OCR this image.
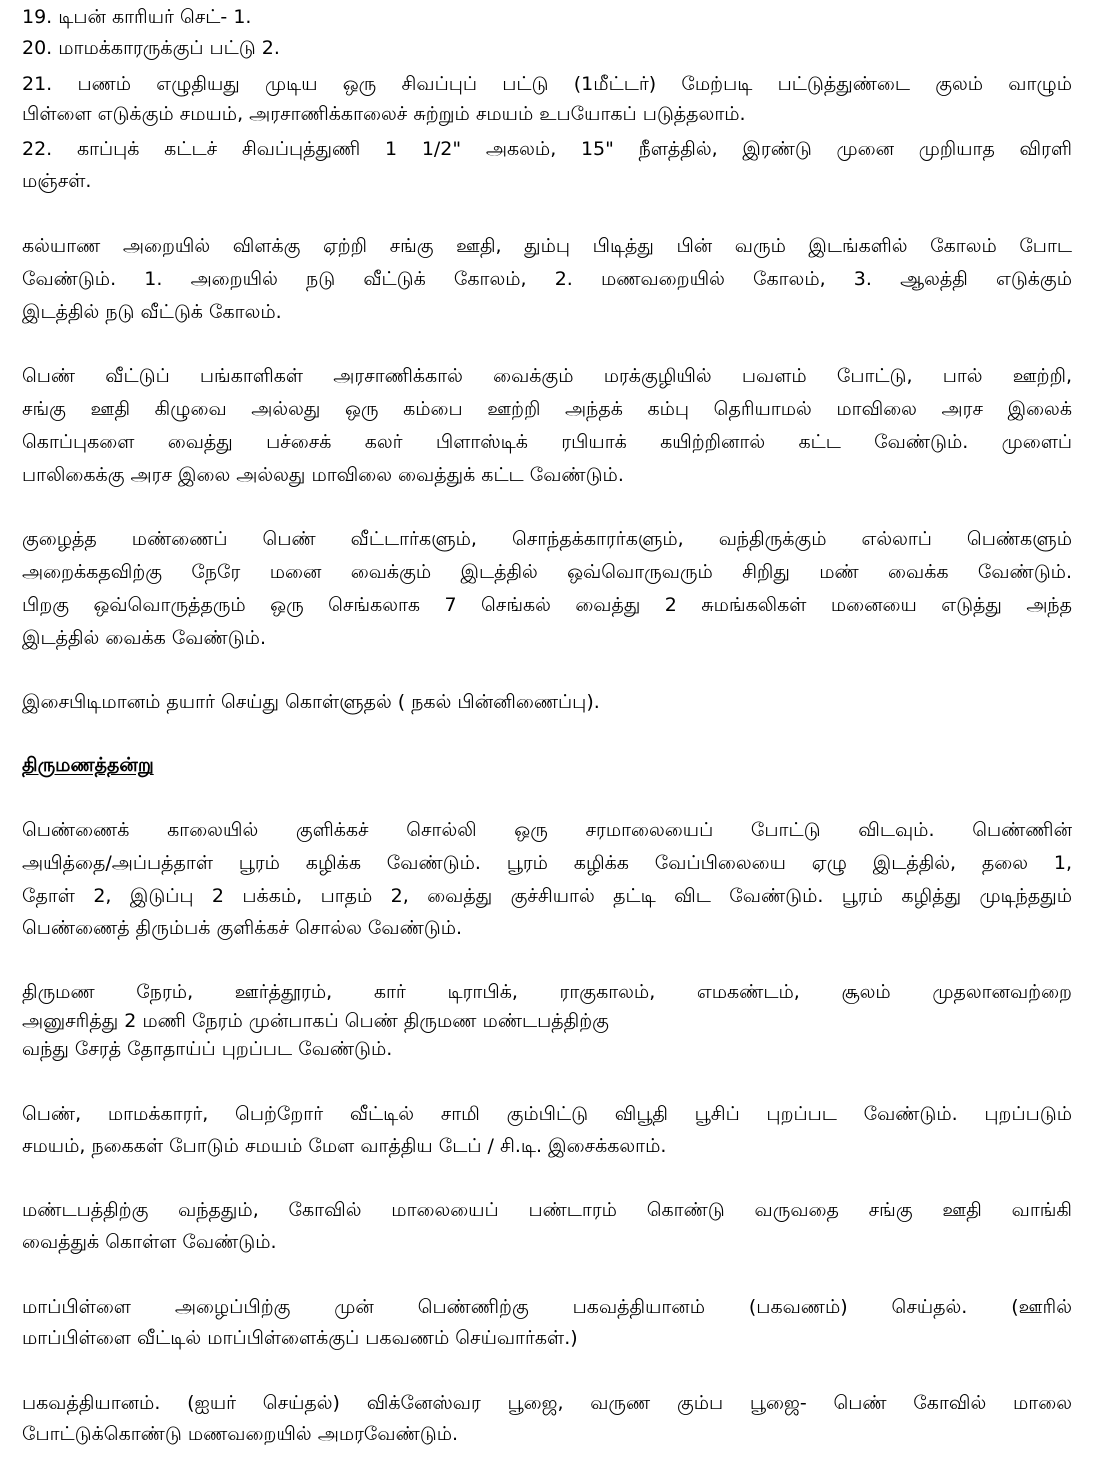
19. டிபன் காரியர் செட்- 1.
20. மாமக்காரருக்குப் பட்டு 2.
21. பணம் எழுதியது முடிய ஒரு சிவப்புப் பட்டு (1மீட்டர்) மேற்படி பட்டுத்துண்டை குலம் வாழும்
பிள்ளை எடுக்கும் சமயம், அரசாணிக்காலைச் சுற்றும் சமயம் உபயோகப் படுத்தலாம்.
22. காப்புக் கட்டச் சிவப்புத்துணி 1 1/2" அகலம், 15" நீளத்தில், இரண்டு முனை முறியாத விரளி
மஞ்சள்.
கல்யாண அறையில் விளக்கு ஏற்றி சங்கு ஊதி, தும்பு பிடித்து பின் வரும் இடங்களில் கோலம் போட
வேண்டும். 1. அறையில் நடு வீட்டுக் கோலம், 2. மணவறையில் கோலம், 3. ஆலத்தி எடுக்கும்
இடத்தில் நடு வீட்டுக் கோலம்.
பெண் வீட்டுப் பங்காளிகள் அரசாணிக்கால் வைக்கும் மரக்குழியில் பவளம் போட்டு, பால் ஊற்றி,
சங்கு ஊதி கிழுவை அல்லது ஒரு கம்பை ஊற்றி அந்தக் கம்பு தெரியாமல் மாவிலை அரச இலைக்
கொப்புகளை வைத்து பச்சைக் கலர் பிளாஸ்டிக் ரபியாக் கயிற்றினால் கட்ட வேண்டும். முளைப்
பாலிகைக்கு அரச இலை அல்லது மாவிலை வைத்துக் கட்ட வேண்டும்.
குழைத்த மண்ணைப் பெண் வீட்டார்களும், சொந்தக்காரர்களும், வந்திருக்கும் எல்லாப் பெண்களும்
அறைக்கதவிற்கு நேரே மனை வைக்கும் இடத்தில் ஒவ்வொருவரும் சிறிது மண் வைக்க வேண்டும்.
பிறகு ஒவ்வொருத்தரும் ஒரு செங்கலாக 7 செங்கல் வைத்து 2 சுமங்கலிகள் மனையை எடுத்து அந்த
இடத்தில் வைக்க வேண்டும்.
இசைபிடிமானம் தயார் செய்து கொள்ளுதல் ( நகல் பின்னிணைப்பு).
திருமணத்தன்று
பெண்ணைக் காலையில் குளிக்கச் சொல்லி ஒரு சரமாலையைப் போட்டு விடவும். பெண்ணின்
அயித்தை/அப்பத்தாள் பூரம் கழிக்க வேண்டும். பூரம் கழிக்க வேப்பிலையை ஏழு இடத்தில், தலை 1,
தோள் 2, இடுப்பு 2 பக்கம், பாதம் 2, வைத்து குச்சியால் தட்டி விட வேண்டும். பூரம் கழித்து முடிந்ததும்
பெண்ணைத் திரும்பக் குளிக்கச் சொல்ல வேண்டும்.
திருமண நேரம், ஊர்த்தூரம், கார் டிராபிக், ராகுகாலம், எமகண்டம், சூலம் முதலானவற்றை
அனுசரித்து 2 மணி நேரம் முன்பாகப் பெண் திருமண மண்டபத்திற்கு
வந்து சேரத் தோதாய்ப் புறப்பட வேண்டும்.
பெண், மாமக்காரர், பெற்றோர் வீட்டில் சாமி கும்பிட்டு விபூதி பூசிப் புறப்பட வேண்டும். புறப்படும்
சமயம், நகைகள் போடும் சமயம் மேள வாத்திய டேப் / சி.டி. இசைக்கலாம்.
மண்டபத்திற்கு வந்ததும், கோவில் மாலையைப் பண்டாரம் கொண்டு வருவதை சங்கு ஊதி வாங்கி
வைத்துக் கொள்ள வேண்டும்.
மாப்பிள்ளை அழைப்பிற்கு முன் பெண்ணிற்கு பகவத்தியானம் (பகவணம்) செய்தல். (ஊரில்
மாப்பிள்ளை வீட்டில் மாப்பிள்ளைக்குப் பகவணம் செய்வார்கள்.)
பகவத்தியானம். (ஐயர் செய்தல்) விக்னேஸ்வர பூஜை, வருண கும்ப பூஜை- பெண் கோவில் மாலை
போட்டுக்கொண்டு மணவறையில் அமரவேண்டும்.
